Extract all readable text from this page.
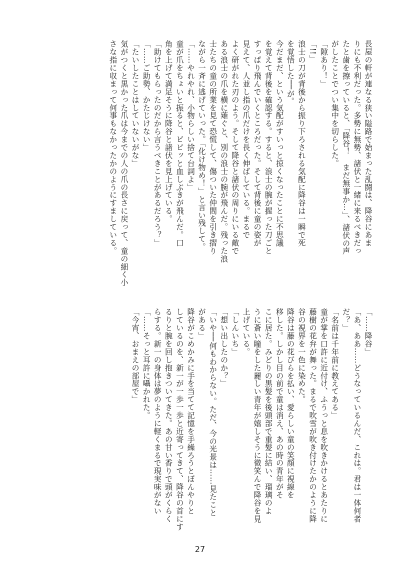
長屋の軒が連なる狭い隘路で始まった乱闘は、降谷にあま
りにも不利だった。多勢に無勢、諸伏と一緒に来るべきだっ
たと歯を擦っていると、「降谷！　まだ無事か…」、諸伏の声
がしたことでつい集中を切らした。
「隙あり！」
「!!」
浪士の刀が背後から振り下ろされる気配に降谷は一瞬で死
を覚悟した──が。
今だまだ、という気配がすいっと掠くなったことに不思議
を覚えて背後を確認する。すると、浪士の腕が握った刀ごと
すっぱり飛んでいくところだった。そして背後に童の姿が
見えて、人並し指の爪だけを長く伸ばしている。まるで
よく研がれた刃のよう。そして降谷と諸伏の周りにいる敵で
ある浪士の爪を横に薙ぐと、別の浪士の腕が飛んだ。残った浪
士たちの童の所業を見て恐慌して、傷ついた仲間を引き摺り
ながら一斉に逃げていった。「化け物め！」と言い残して。
「……やれやれ、小物らしい捨て台詞よ」
童が爪をちょいと振ると、ビピッと血しぶきが飛んだ。口
角を上げて満足そうに降谷と諸伏を見上げている。
「助けてもらったのだから言うべきことがあるだろう？」
「……ご助勢、かたじけない」
「たいしたことはしていないがな」
気がつくと黒かった爪は今までの人の爪の長さに戻って、童の細く小
さな指に収まって何事もなかったかのようにすましている。
「……降谷」
「あ、ああ……どうなっているんだ、これは。君は一体何者
だ？」
「名前は千年前に教えてある」
童が掌を口許に近付け、ふうっと息を吹きかけるとあたりに
藤樹の花弁が舞った。まるで吹雪が吹き付けたかのように降
谷の視界を一色に染めた。
降谷は藤の花びらを払い、愛らしい童の笑顔に視線を
移した。しかし目の前で童は消え、あの時の青年がそ
こに居た。みどりの黒髪を後頭部で重髪に結い、瑠璃のよ
うに蒼い瞳をした麗しい青年が嬉しそうに微笑んで降谷を見
上げている。
「しんいち」
「想い出したのか？」
「いや──何もわからない。ただ、今の光景は……見たこと
がある」
降谷がこめかみに手を当てて記憶を手繰ろうとぼんやりと
しているのを、新一が一歩一歩と近寄ってきて、降谷の首にす
るりと腕を回し抱きついてきた。あの甘い香りで頭がくらく
らする。新一の身体は夢のように軽くまるで現実味がない
「……そっと耳許に囁かれた。
「今宵、おまえの部屋で」
27
